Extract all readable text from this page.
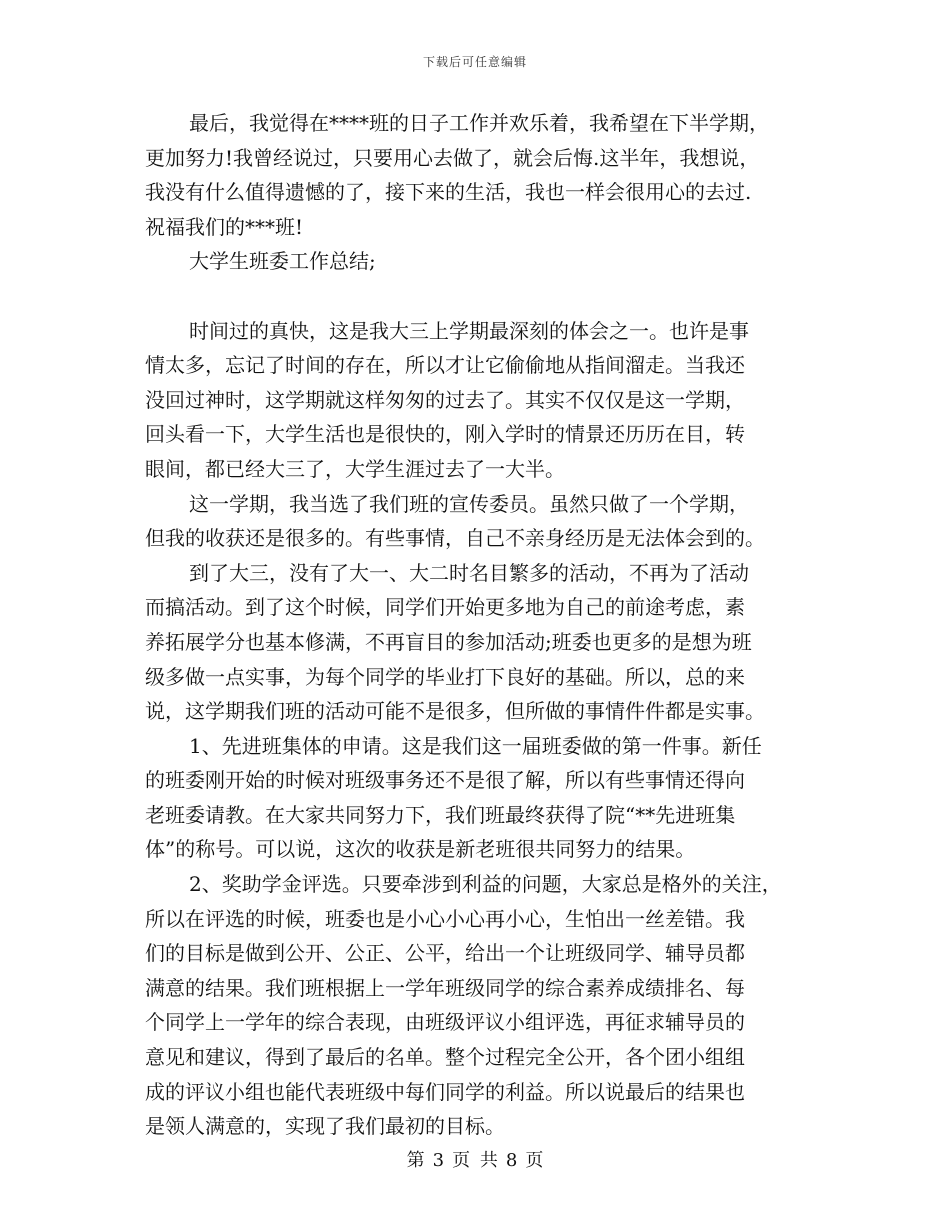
下载后可任意编辑
最后，我觉得在****班的日子工作并欢乐着，我希望在下半学期，
更加努力!我曾经说过，只要用心去做了，就会后悔.这半年，我想说，
我没有什么值得遗憾的了，接下来的生活，我也一样会很用心的去过.
祝福我们的***班!
大学生班委工作总结;
时间过的真快，这是我大三上学期最深刻的体会之一。也许是事
情太多，忘记了时间的存在，所以才让它偷偷地从指间溜走。当我还
没回过神时，这学期就这样匆匆的过去了。其实不仅仅是这一学期，
回头看一下，大学生活也是很快的，刚入学时的情景还历历在目，转
眼间，都已经大三了，大学生涯过去了一大半。
这一学期，我当选了我们班的宣传委员。虽然只做了一个学期，
但我的收获还是很多的。有些事情，自己不亲身经历是无法体会到的。
到了大三，没有了大一、大二时名目繁多的活动，不再为了活动
而搞活动。到了这个时候，同学们开始更多地为自己的前途考虑，素
养拓展学分也基本修满，不再盲目的参加活动;班委也更多的是想为班
级多做一点实事，为每个同学的毕业打下良好的基础。所以，总的来
说，这学期我们班的活动可能不是很多，但所做的事情件件都是实事。
1、先进班集体的申请。这是我们这一届班委做的第一件事。新任
的班委刚开始的时候对班级事务还不是很了解，所以有些事情还得向
老班委请教。在大家共同努力下，我们班最终获得了院“**先进班集
体”的称号。可以说，这次的收获是新老班很共同努力的结果。
2、奖助学金评选。只要牵涉到利益的问题，大家总是格外的关注，
所以在评选的时候，班委也是小心小心再小心，生怕出一丝差错。我
们的目标是做到公开、公正、公平，给出一个让班级同学、辅导员都
满意的结果。我们班根据上一学年班级同学的综合素养成绩排名、每
个同学上一学年的综合表现，由班级评议小组评选，再征求辅导员的
意见和建议，得到了最后的名单。整个过程完全公开，各个团小组组
成的评议小组也能代表班级中每们同学的利益。所以说最后的结果也
是领人满意的，实现了我们最初的目标。
第 3 页 共 8 页
